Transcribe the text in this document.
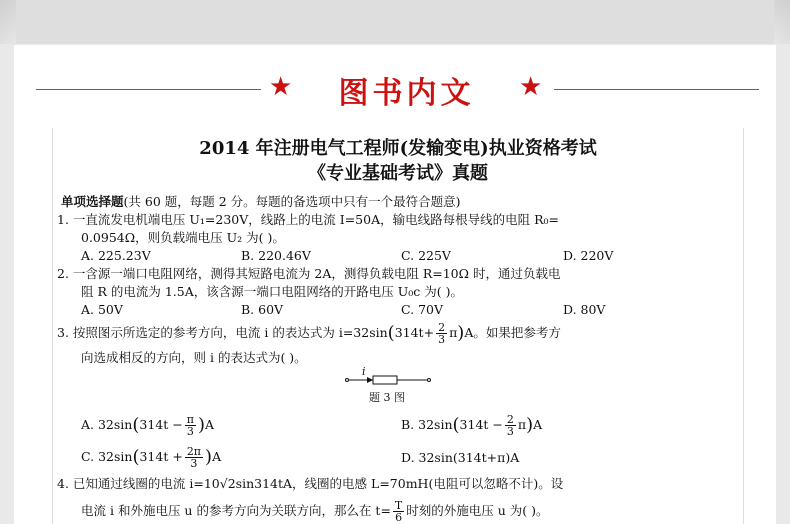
★	图书内文	★
2014 年注册电气工程师(发输变电)执业资格考试
《专业基础考试》真题
单项选择题(共 60 题，每题 2 分。每题的备选项中只有一个最符合题意)
1. 一直流发电机端电压 U₁=230V，线路上的电流 I=50A，输电线路每根导线的电阻 R₀=
0.0954Ω，则负载端电压 U₂ 为( )。
A. 225.23V	B. 220.46V	C. 225V	D. 220V
2. 一含源一端口电阻网络，测得其短路电流为 2A，测得负载电阻 R=10Ω 时，通过负载电
阻 R 的电流为 1.5A，该含源一端口电阻网络的开路电压 U₀c 为( )。
A. 50V	B. 60V	C. 70V	D. 80V
3. 按照图示所选定的参考方向，电流 i 的表达式为 $i=32\sin(314t+ \frac{2}{3} \pi)A$。如果把参考方
向选成相反的方向，则 i 的表达式为( )。
i
题 3 图
A. $32\sin(314t - \frac{\pi}{3} )A$	B. $32\sin(314t - \frac{2}{3} \pi)A$
C. $32\sin(314t + \frac{2\pi}{3} )A$	D. 32sin(314t+π)A
4. 已知通过线圈的电流 i=10√2sin314tA，线圈的电感 L=70mH(电阻可以忽略不计)。设
电流 i 和外施电压 u 的参考方向为关联方向，那么在 $t= \frac{T}{6}$ 时刻的外施电压 u 为( )。
